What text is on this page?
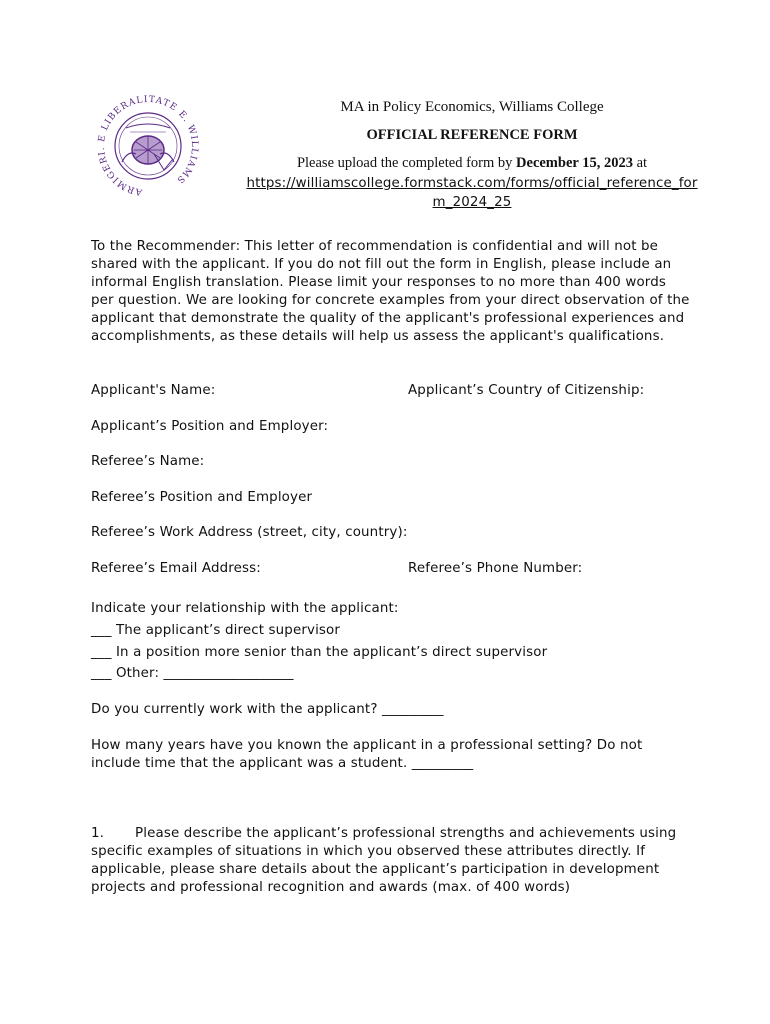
ARMIGERI. E LIBERALITATE E. WILLIAMS
MA in Policy Economics, Williams College
OFFICIAL REFERENCE FORM
Please upload the completed form by December 15, 2023 at
https://williamscollege.formstack.com/forms/official_reference_for
m_2024_25
To the Recommender: This letter of recommendation is confidential and will not be shared with the applicant. If you do not fill out the form in English, please include an informal English translation. Please limit your responses to no more than 400 words per question. We are looking for concrete examples from your direct observation of the applicant that demonstrate the quality of the applicant's professional experiences and accomplishments, as these details will help us assess the applicant's qualifications.
Applicant's Name:	Applicant’s Country of Citizenship:
Applicant’s Position and Employer:
Referee’s Name:
Referee’s Position and Employer
Referee’s Work Address (street, city, country):
Referee’s Email Address:	Referee’s Phone Number:
Indicate your relationship with the applicant:
___ The applicant’s direct supervisor
___ In a position more senior than the applicant’s direct supervisor
___ Other: ___________________
Do you currently work with the applicant? _________
How many years have you known the applicant in a professional setting? Do not include time that the applicant was a student. _________
1. Please describe the applicant’s professional strengths and achievements using specific examples of situations in which you observed these attributes directly. If applicable, please share details about the applicant’s participation in development projects and professional recognition and awards (max. of 400 words)
